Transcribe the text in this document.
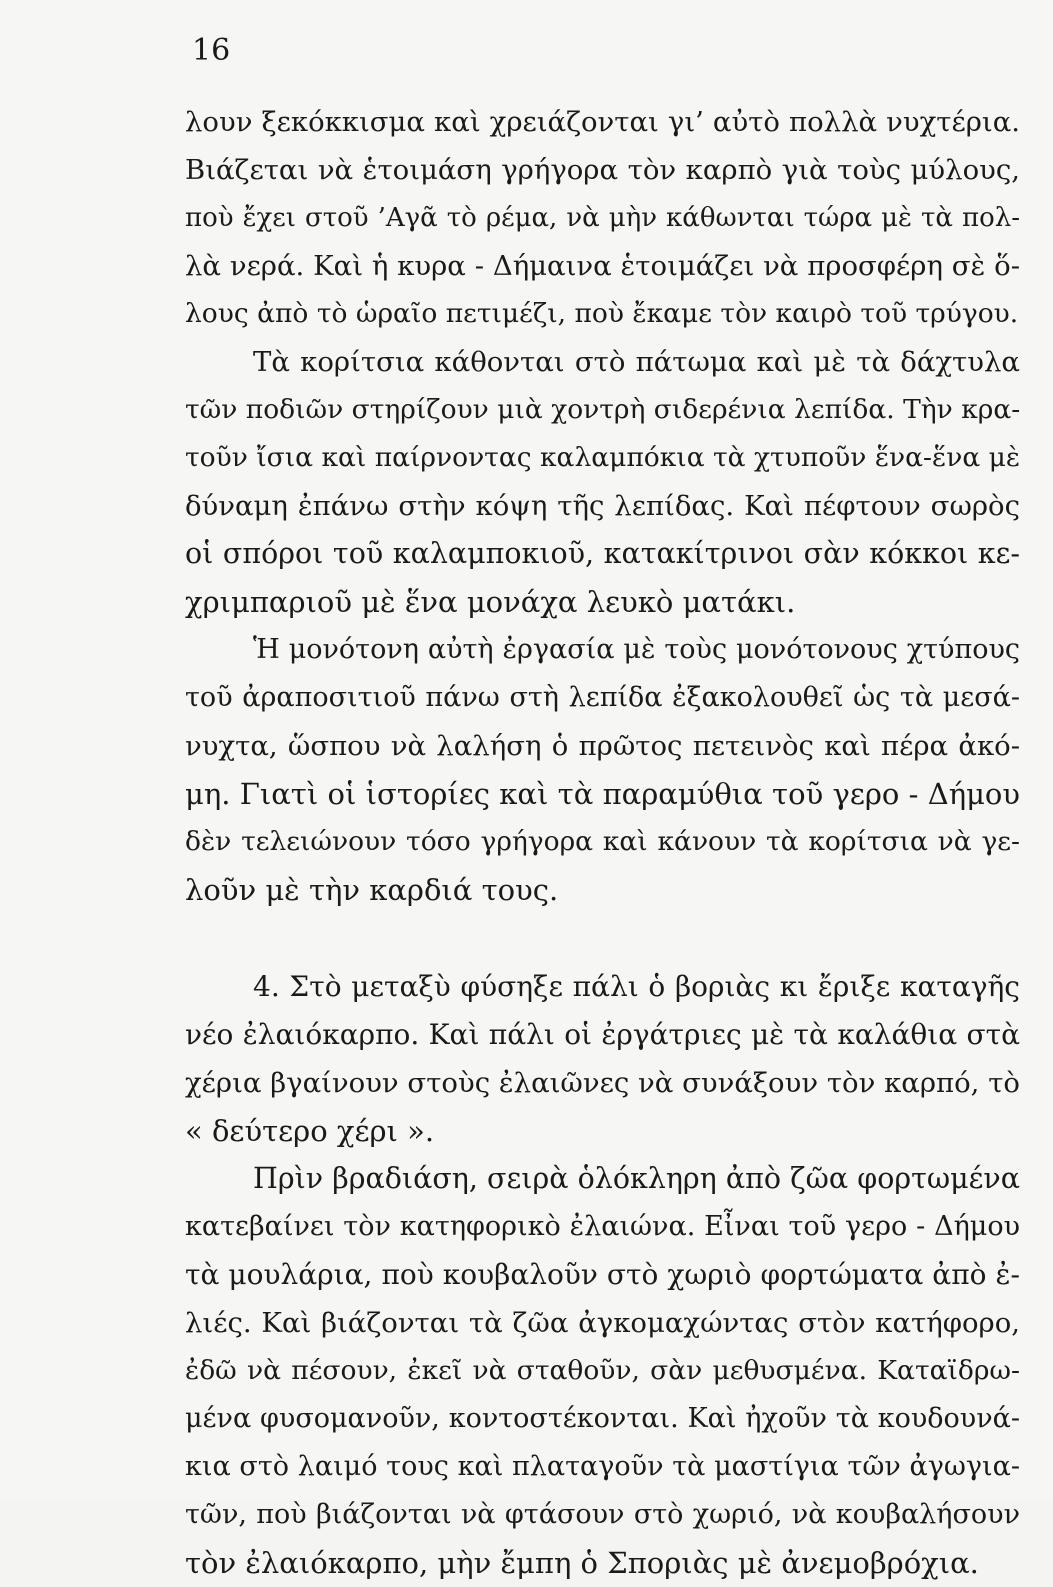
16
λουν ξεκόκκισμα καὶ χρειάζονται γι’ αὐτὸ πολλὰ νυχτέρια.
Βιάζεται νὰ ἑτοιμάση γρήγορα τὸν καρπὸ γιὰ τοὺς μύλους,
ποὺ ἔχει στοῦ ’Αγᾶ τὸ ρέμα, νὰ μὴν κάθωνται τώρα μὲ τὰ πολ-
λὰ νερά. Καὶ ἡ κυρα - Δήμαινα ἑτοιμάζει νὰ προσφέρη σὲ ὅ-
λους ἀπὸ τὸ ὡραῖο πετιμέζι, ποὺ ἔκαμε τὸν καιρὸ τοῦ τρύγου.
Τὰ κορίτσια κάθονται στὸ πάτωμα καὶ μὲ τὰ δάχτυλα
τῶν ποδιῶν στηρίζουν μιὰ χοντρὴ σιδερένια λεπίδα. Τὴν κρα-
τοῦν ἴσια καὶ παίρνοντας καλαμπόκια τὰ χτυποῦν ἕνα-ἕνα μὲ
δύναμη ἐπάνω στὴν κόψη τῆς λεπίδας. Καὶ πέφτουν σωρὸς
οἱ σπόροι τοῦ καλαμποκιοῦ, κατακίτρινοι σὰν κόκκοι κε-
χριμπαριοῦ μὲ ἕνα μονάχα λευκὸ ματάκι.
Ἡ μονότονη αὐτὴ ἐργασία μὲ τοὺς μονότονους χτύπους
τοῦ ἀραποσιτιοῦ πάνω στὴ λεπίδα ἐξακολουθεῖ ὡς τὰ μεσά-
νυχτα, ὥσπου νὰ λαλήση ὁ πρῶτος πετεινὸς καὶ πέρα ἀκό-
μη. Γιατὶ οἱ ἱστορίες καὶ τὰ παραμύθια τοῦ γερο - Δήμου
δὲν τελειώνουν τόσο γρήγορα καὶ κάνουν τὰ κορίτσια νὰ γε-
λοῦν μὲ τὴν καρδιά τους.
4. Στὸ μεταξὺ φύσηξε πάλι ὁ βοριὰς κι ἔριξε καταγῆς
νέο ἐλαιόκαρπο. Καὶ πάλι οἱ ἐργάτριες μὲ τὰ καλάθια στὰ
χέρια βγαίνουν στοὺς ἐλαιῶνες νὰ συνάξουν τὸν καρπό, τὸ
« δεύτερο χέρι ».
Πρὶν βραδιάση, σειρὰ ὁλόκληρη ἀπὸ ζῶα φορτωμένα
κατεβαίνει τὸν κατηφορικὸ ἐλαιώνα. Εἶναι τοῦ γερο - Δήμου
τὰ μουλάρια, ποὺ κουβαλοῦν στὸ χωριὸ φορτώματα ἀπὸ ἐ-
λιές. Καὶ βιάζονται τὰ ζῶα ἀγκομαχώντας στὸν κατήφορο,
ἐδῶ νὰ πέσουν, ἐκεῖ νὰ σταθοῦν, σὰν μεθυσμένα. Καταϊδρω-
μένα φυσομανοῦν, κοντοστέκονται. Καὶ ἠχοῦν τὰ κουδουνά-
κια στὸ λαιμό τους καὶ πλαταγοῦν τὰ μαστίγια τῶν ἀγωγια-
τῶν, ποὺ βιάζονται νὰ φτάσουν στὸ χωριό, νὰ κουβαλήσουν
τὸν ἐλαιόκαρπο, μὴν ἔμπη ὁ Σποριὰς μὲ ἀνεμοβρόχια.
